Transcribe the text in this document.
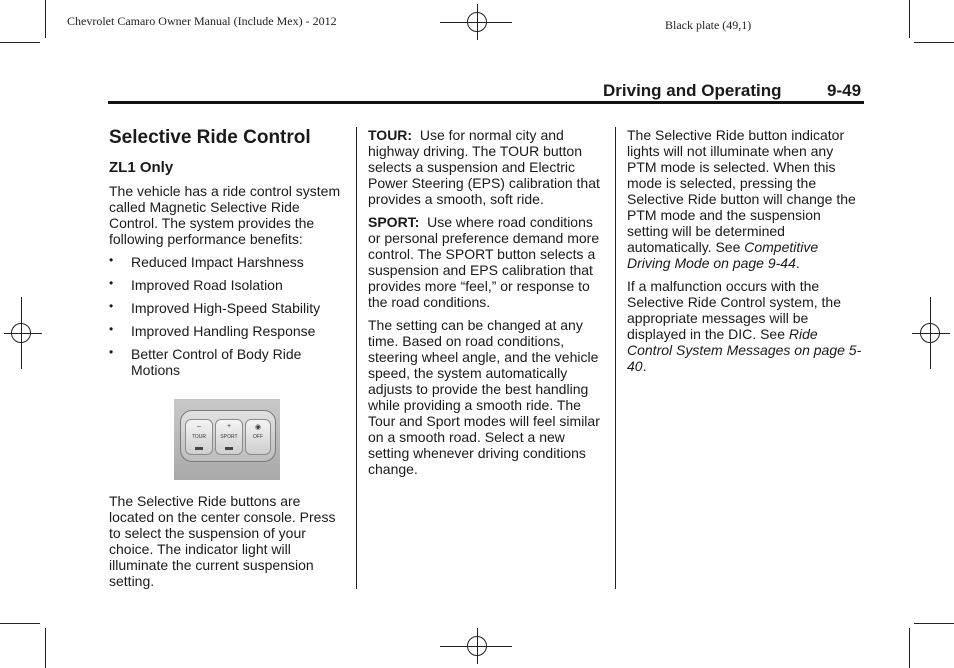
Chevrolet Camaro Owner Manual (Include Mex) - 2012	Black plate (49,1)
Driving and Operating	9-49
Selective Ride Control
ZL1 Only

The vehicle has a ride control system called Magnetic Selective Ride Control. The system provides the following performance benefits:

• Reduced Impact Harshness
• Improved Road Isolation
• Improved High-Speed Stability
• Improved Handling Response
• Better Control of Body Ride Motions
–
TOUR
+
SPORT
◉
OFF

The Selective Ride buttons are located on the center console. Press to select the suspension of your choice. The indicator light will illuminate the current suspension setting.

TOUR: Use for normal city and highway driving. The TOUR button selects a suspension and Electric Power Steering (EPS) calibration that provides a smooth, soft ride.

SPORT: Use where road conditions or personal preference demand more control. The SPORT button selects a suspension and EPS calibration that provides more “feel,” or response to the road conditions.

The setting can be changed at any time. Based on road conditions, steering wheel angle, and the vehicle speed, the system automatically adjusts to provide the best handling while providing a smooth ride. The Tour and Sport modes will feel similar on a smooth road. Select a new setting whenever driving conditions change.

The Selective Ride button indicator lights will not illuminate when any PTM mode is selected. When this mode is selected, pressing the Selective Ride button will change the PTM mode and the suspension setting will be determined automatically. See Competitive Driving Mode on page 9-44.

If a malfunction occurs with the Selective Ride Control system, the appropriate messages will be displayed in the DIC. See Ride Control System Messages on page 5-40.
